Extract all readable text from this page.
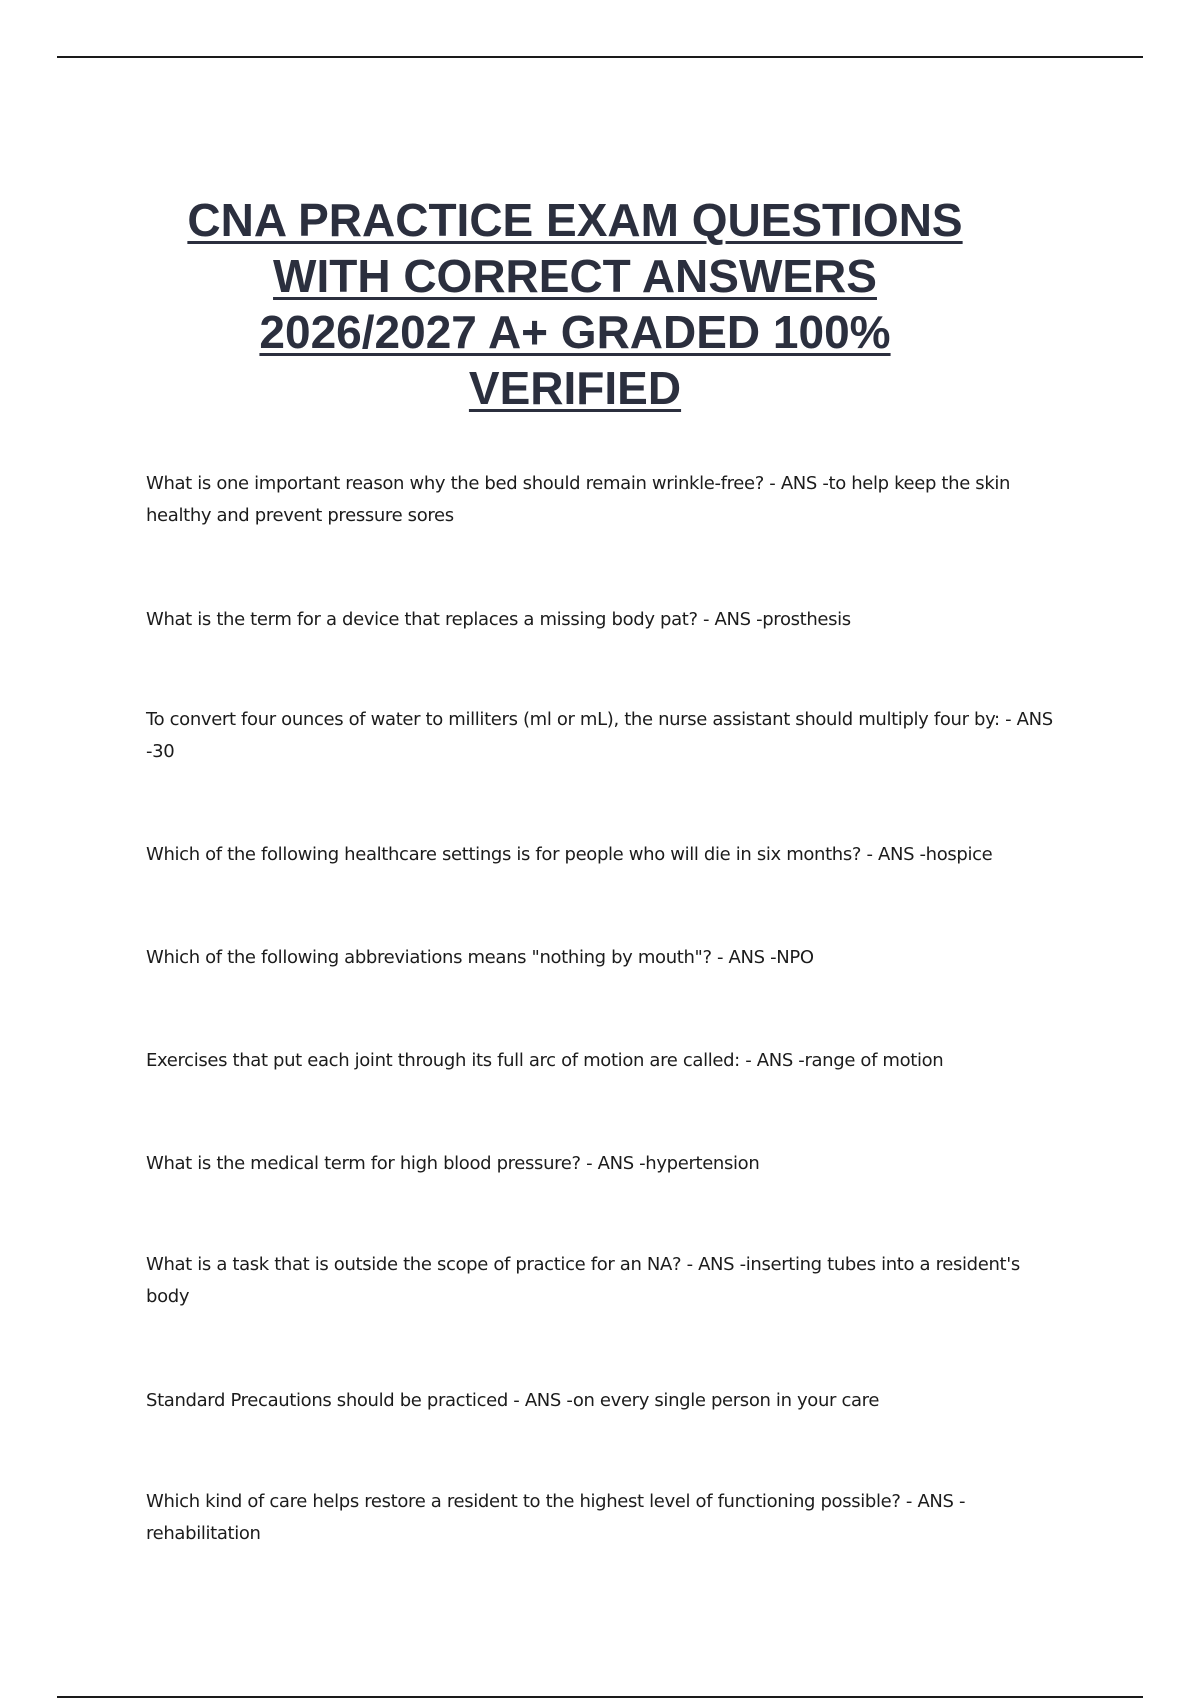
CNA PRACTICE EXAM QUESTIONS
WITH CORRECT ANSWERS
2026/2027 A+ GRADED 100%
VERIFIED

What is one important reason why the bed should remain wrinkle-free? - ANS -to help keep the skin healthy and prevent pressure sores

What is the term for a device that replaces a missing body pat? - ANS -prosthesis

To convert four ounces of water to milliters (ml or mL), the nurse assistant should multiply four by: - ANS -30

Which of the following healthcare settings is for people who will die in six months? - ANS -hospice

Which of the following abbreviations means "nothing by mouth"? - ANS -NPO

Exercises that put each joint through its full arc of motion are called: - ANS -range of motion

What is the medical term for high blood pressure? - ANS -hypertension

What is a task that is outside the scope of practice for an NA? - ANS -inserting tubes into a resident's body

Standard Precautions should be practiced - ANS -on every single person in your care

Which kind of care helps restore a resident to the highest level of functioning possible? - ANS - rehabilitation
